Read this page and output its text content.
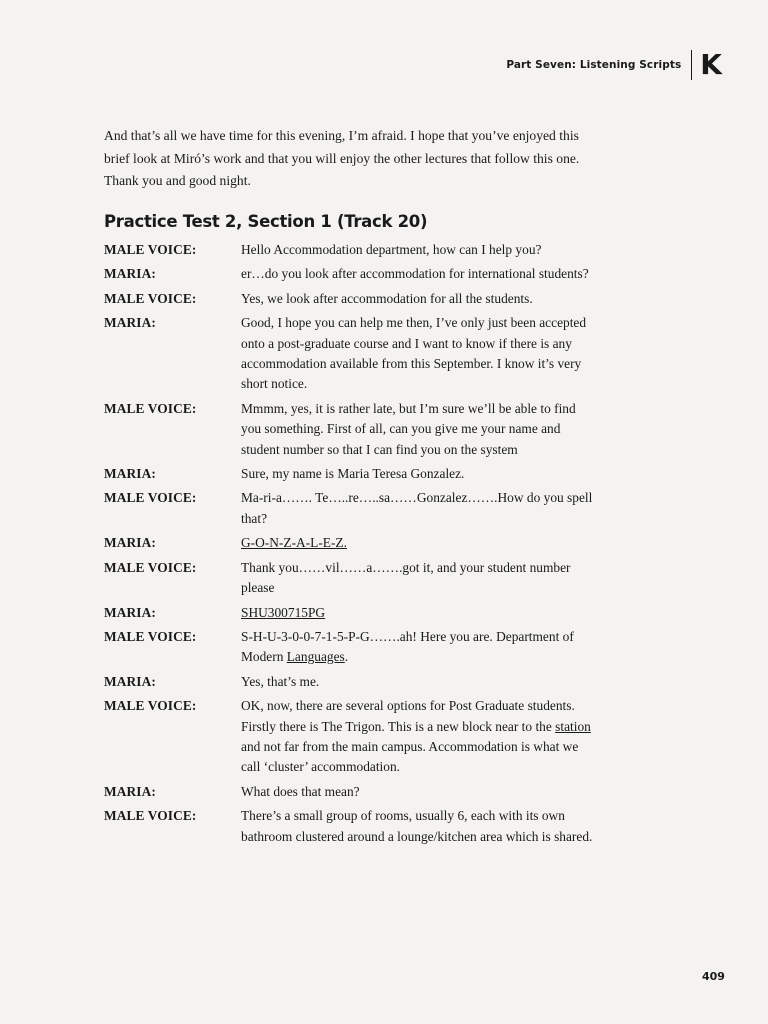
Part Seven: Listening Scripts K

And that’s all we have time for this evening, I’m afraid. I hope that you’ve enjoyed this brief look at Miró’s work and that you will enjoy the other lectures that follow this one. Thank you and good night.

Practice Test 2, Section 1 (Track 20)
MALE VOICE:	Hello Accommodation department, how can I help you?
MARIA:	er…do you look after accommodation for international students?
MALE VOICE:	Yes, we look after accommodation for all the students.
MARIA:	Good, I hope you can help me then, I’ve only just been accepted onto a post-graduate course and I want to know if there is any accommodation available from this September. I know it’s very short notice.
MALE VOICE:	Mmmm, yes, it is rather late, but I’m sure we’ll be able to find you something. First of all, can you give me your name and student number so that I can find you on the system
MARIA:	Sure, my name is Maria Teresa Gonzalez.
MALE VOICE:	Ma-ri-a……. Te…..re…..sa……Gonzalez…….How do you spell that?
MARIA:	G-O-N-Z-A-L-E-Z.
MALE VOICE:	Thank you……vil……a…….got it, and your student number please
MARIA:	SHU300715PG
MALE VOICE:	S-H-U-3-0-0-7-1-5-P-G…….ah! Here you are. Department of Modern Languages.
MARIA:	Yes, that’s me.
MALE VOICE:	OK, now, there are several options for Post Graduate students. Firstly there is The Trigon. This is a new block near to the station and not far from the main campus. Accommodation is what we call ‘cluster’ accommodation.
MARIA:	What does that mean?
MALE VOICE:	There’s a small group of rooms, usually 6, each with its own bathroom clustered around a lounge/kitchen area which is shared.
409
